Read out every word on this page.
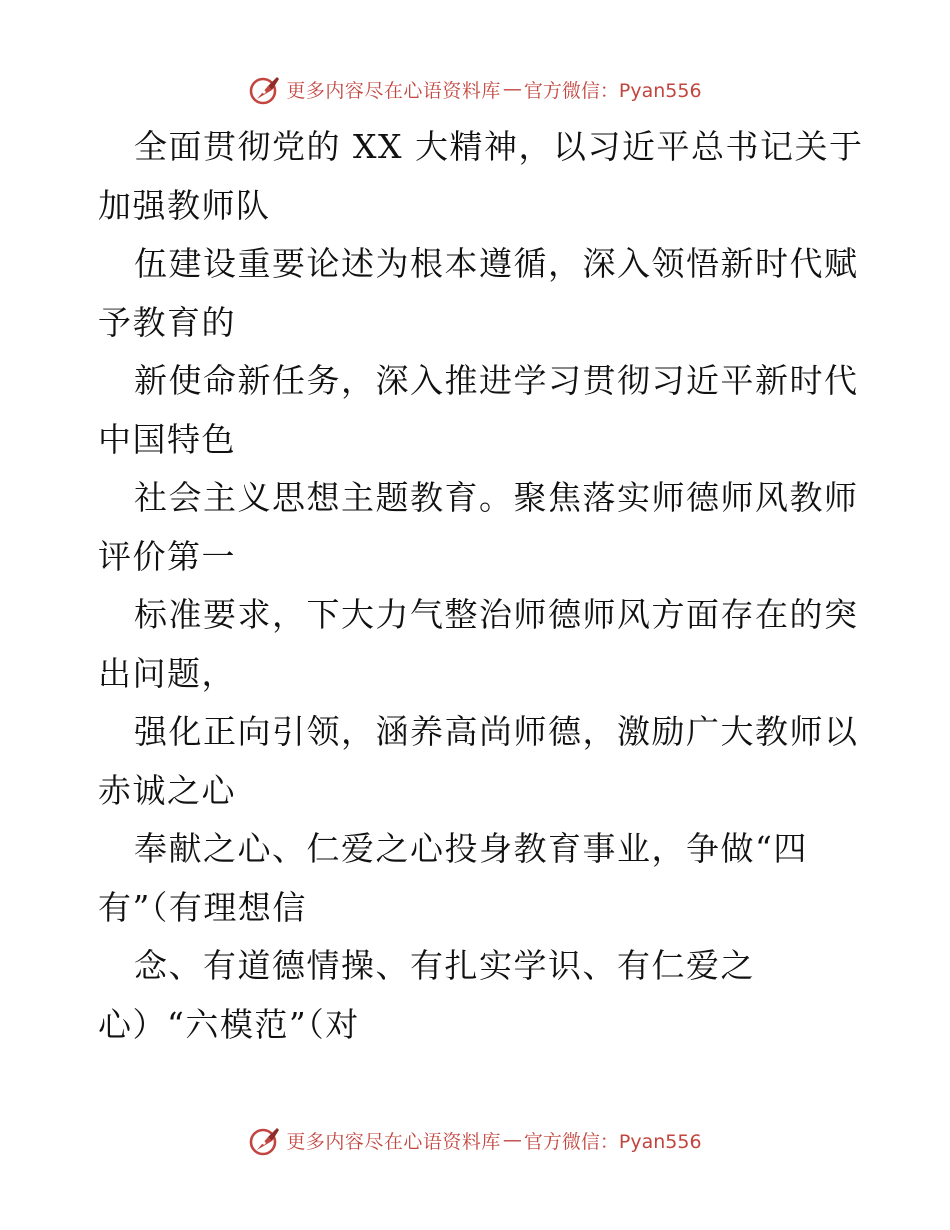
更多内容尽在心语资料库 — 官方微信：Pyan556
全面贯彻党的 XX 大精神，以习近平总书记关于
加强教师队
伍建设重要论述为根本遵循，深入领悟新时代赋
予教育的
新使命新任务，深入推进学习贯彻习近平新时代
中国特色
社会主义思想主题教育。聚焦落实师德师风教师
评价第一
标准要求，下大力气整治师德师风方面存在的突
出问题，
强化正向引领，涵养高尚师德，激励广大教师以
赤诚之心
奉献之心、仁爱之心投身教育事业，争做“四
有”（有理想信
念、有道德情操、有扎实学识、有仁爱之
心）“六模范”（对
更多内容尽在心语资料库 — 官方微信：Pyan556
